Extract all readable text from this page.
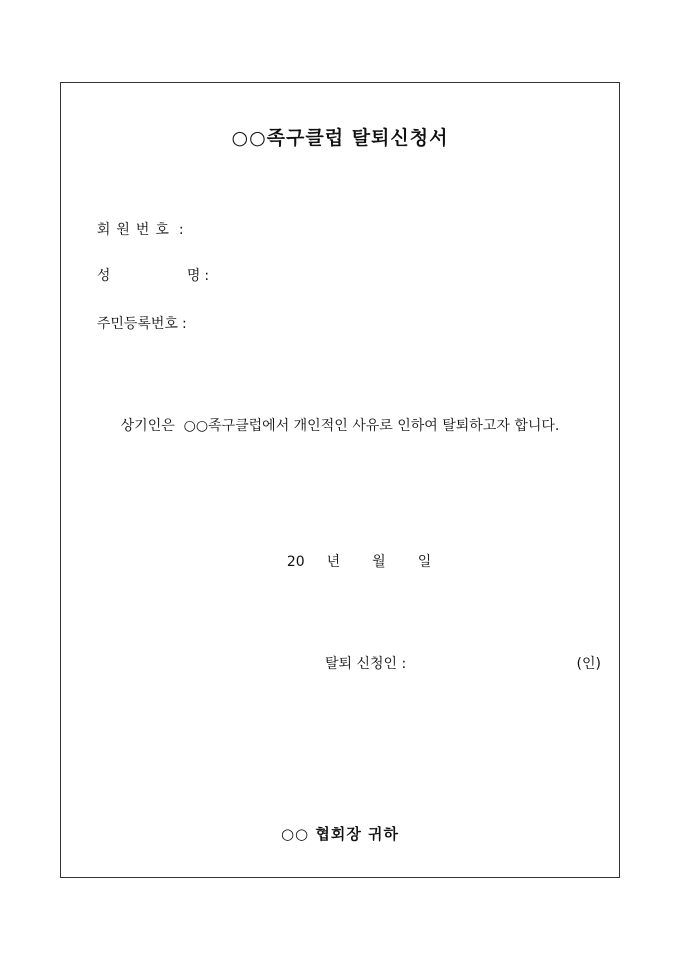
○○족구클럽 탈퇴신청서

회원번호 :

성	명 :

주민등록번호 :

상기인은  ○○족구클럽에서 개인적인 사유로 인하여 탈퇴하고자 합니다.

20 년 월 일

탈퇴 신청인 :	(인)
○○ 협회장 귀하
